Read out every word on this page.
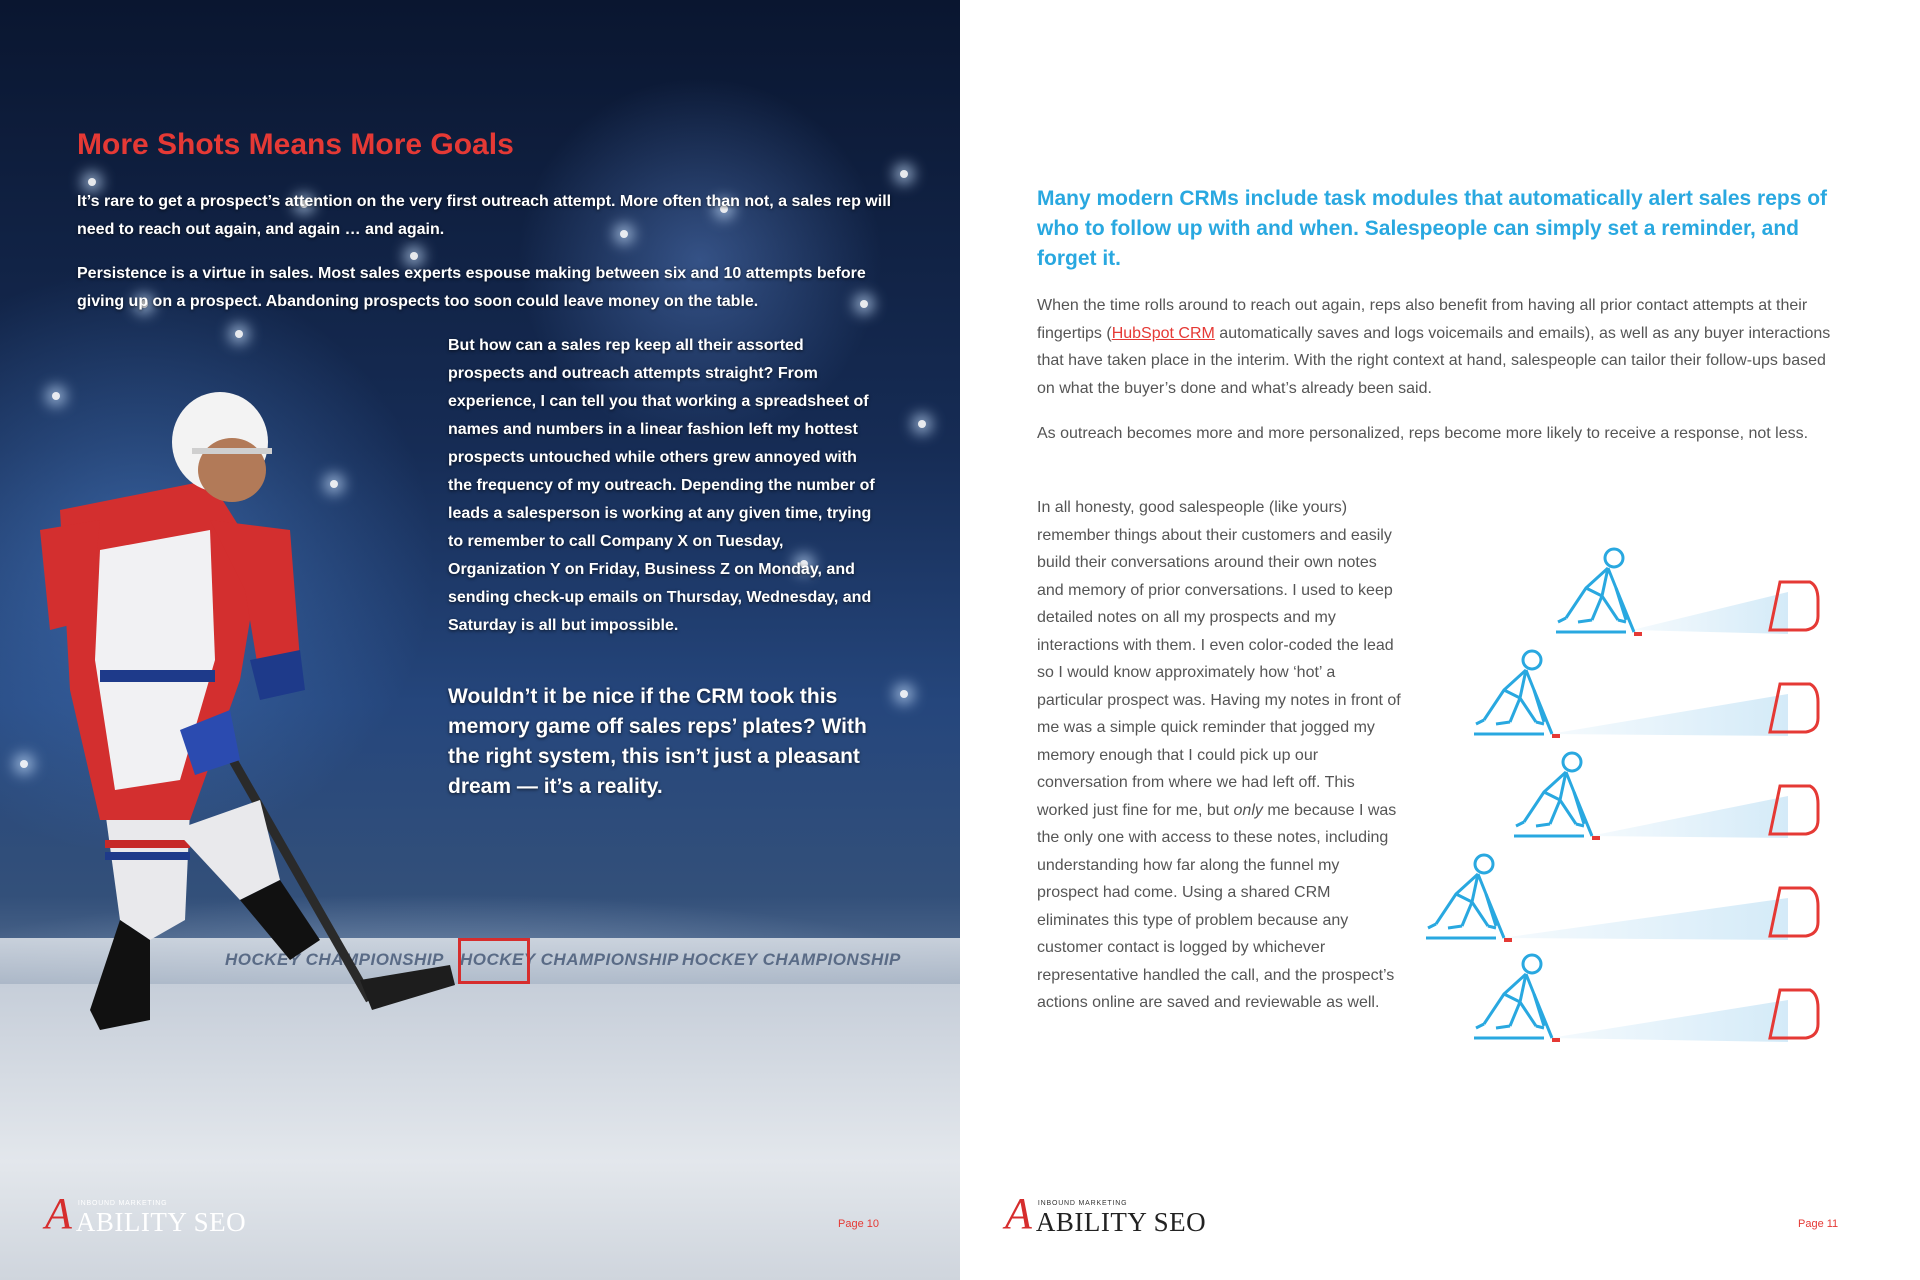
HOCKEY CHAMPIONSHIP HOCKEY CHAMPIONSHIP HOCKEY CHAMPIONSHIP
More Shots Means More Goals

It’s rare to get a prospect’s attention on the very first outreach attempt. More often than not, a sales rep will need to reach out again, and again … and again.

Persistence is a virtue in sales. Most sales experts espouse making between six and 10 attempts before giving up on a prospect. Abandoning prospects too soon could leave money on the table.

But how can a sales rep keep all their assorted prospects and outreach attempts straight? From experience, I can tell you that working a spreadsheet of names and numbers in a linear fashion left my hottest prospects untouched while others grew annoyed with the frequency of my outreach. Depending the number of leads a salesperson is working at any given time, trying to remember to call Company X on Tuesday, Organization Y on Friday, Business Z on Monday, and sending check-up emails on Thursday, Wednesday, and Saturday is all but impossible.

Wouldn’t it be nice if the CRM took this memory game off sales reps’ plates? With the right system, this isn’t just a pleasant dream — it’s a reality.

A INBOUND MARKETING
ABILITY SEO	Page 10
Many modern CRMs include task modules that automatically alert sales reps of who to follow up with and when. Salespeople can simply set a reminder, and forget it.

When the time rolls around to reach out again, reps also benefit from having all prior contact attempts at their fingertips (HubSpot CRM automatically saves and logs voicemails and emails), as well as any buyer interactions that have taken place in the interim. With the right context at hand, salespeople can tailor their follow-ups based on what the buyer’s done and what’s already been said.

As outreach becomes more and more personalized, reps become more likely to receive a response, not less.

In all honesty, good salespeople (like yours) remember things about their customers and easily build their conversations around their own notes and memory of prior conversations. I used to keep detailed notes on all my prospects and my interactions with them. I even color-coded the lead so I would know approximately how ‘hot’ a particular prospect was. Having my notes in front of me was a simple quick reminder that jogged my memory enough that I could pick up our conversation from where we had left off. This worked just fine for me, but only me because I was the only one with access to these notes, including understanding how far along the funnel my prospect had come. Using a shared CRM eliminates this type of problem because any customer contact is logged by whichever representative handled the call, and the prospect’s actions online are saved and reviewable as well.

A INBOUND MARKETING
ABILITY SEO	Page 11
